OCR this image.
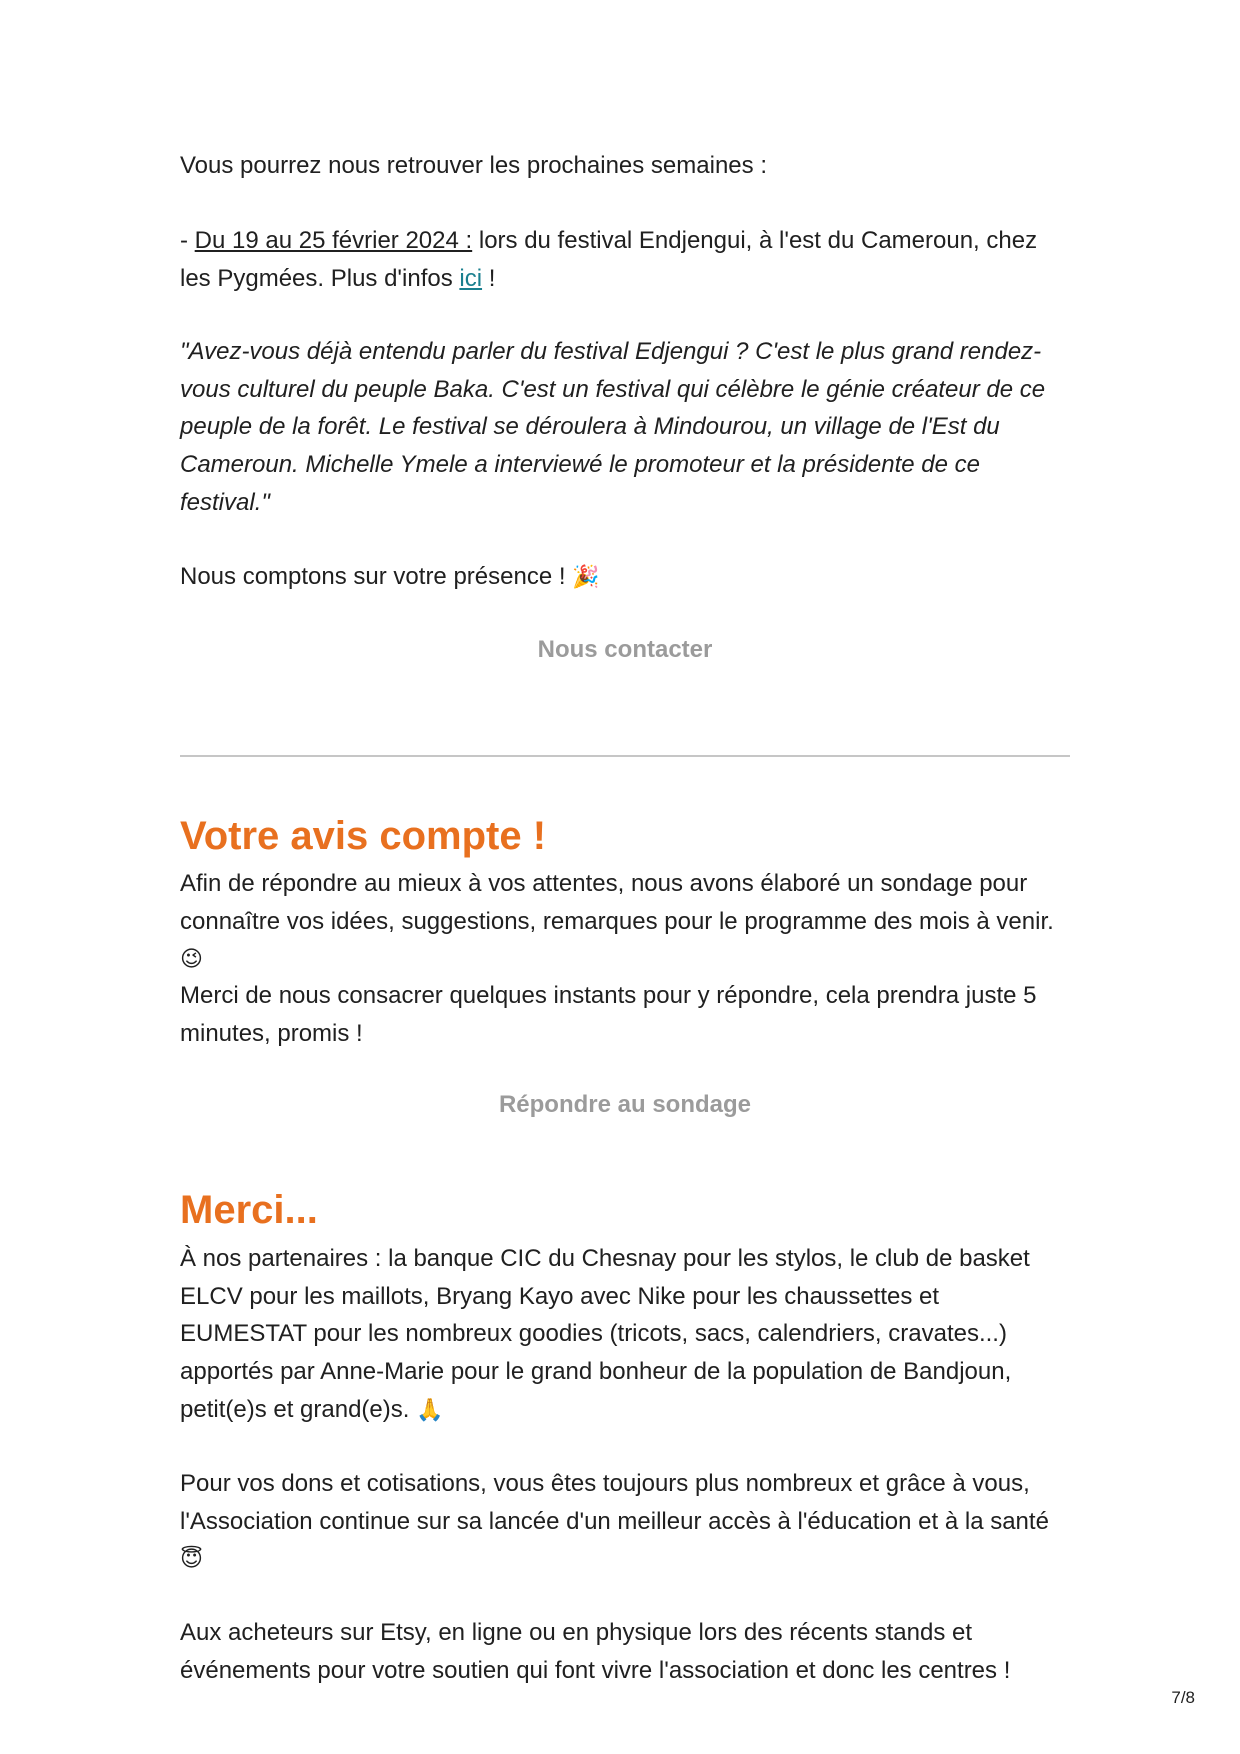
Vous pourrez nous retrouver les prochaines semaines :

- Du 19 au 25 février 2024 : lors du festival Endjengui, à l'est du Cameroun, chez les Pygmées. Plus d'infos ici !

"Avez-vous déjà entendu parler du festival Edjengui ? C'est le plus grand rendez-vous culturel du peuple Baka. C'est un festival qui célèbre le génie créateur de ce peuple de la forêt. Le festival se déroulera à Mindourou, un village de l'Est du Cameroun. Michelle Ymele a interviewé le promoteur et la présidente de ce festival."

Nous comptons sur votre présence ! 🎉

Nous contacter
Votre avis compte !

Afin de répondre au mieux à vos attentes, nous avons élaboré un sondage pour connaître vos idées, suggestions, remarques pour le programme des mois à venir. 😉

Merci de nous consacrer quelques instants pour y répondre, cela prendra juste 5 minutes, promis !

Répondre au sondage
Merci...

À nos partenaires : la banque CIC du Chesnay pour les stylos, le club de basket ELCV pour les maillots, Bryang Kayo avec Nike pour les chaussettes et EUMESTAT pour les nombreux goodies (tricots, sacs, calendriers, cravates...) apportés par Anne-Marie pour le grand bonheur de la population de Bandjoun, petit(e)s et grand(e)s. 🙏

Pour vos dons et cotisations, vous êtes toujours plus nombreux et grâce à vous, l'Association continue sur sa lancée d'un meilleur accès à l'éducation et à la santé 😇

Aux acheteurs sur Etsy, en ligne ou en physique lors des récents stands et événements pour votre soutien qui font vivre l'association et donc les centres !

7/8
